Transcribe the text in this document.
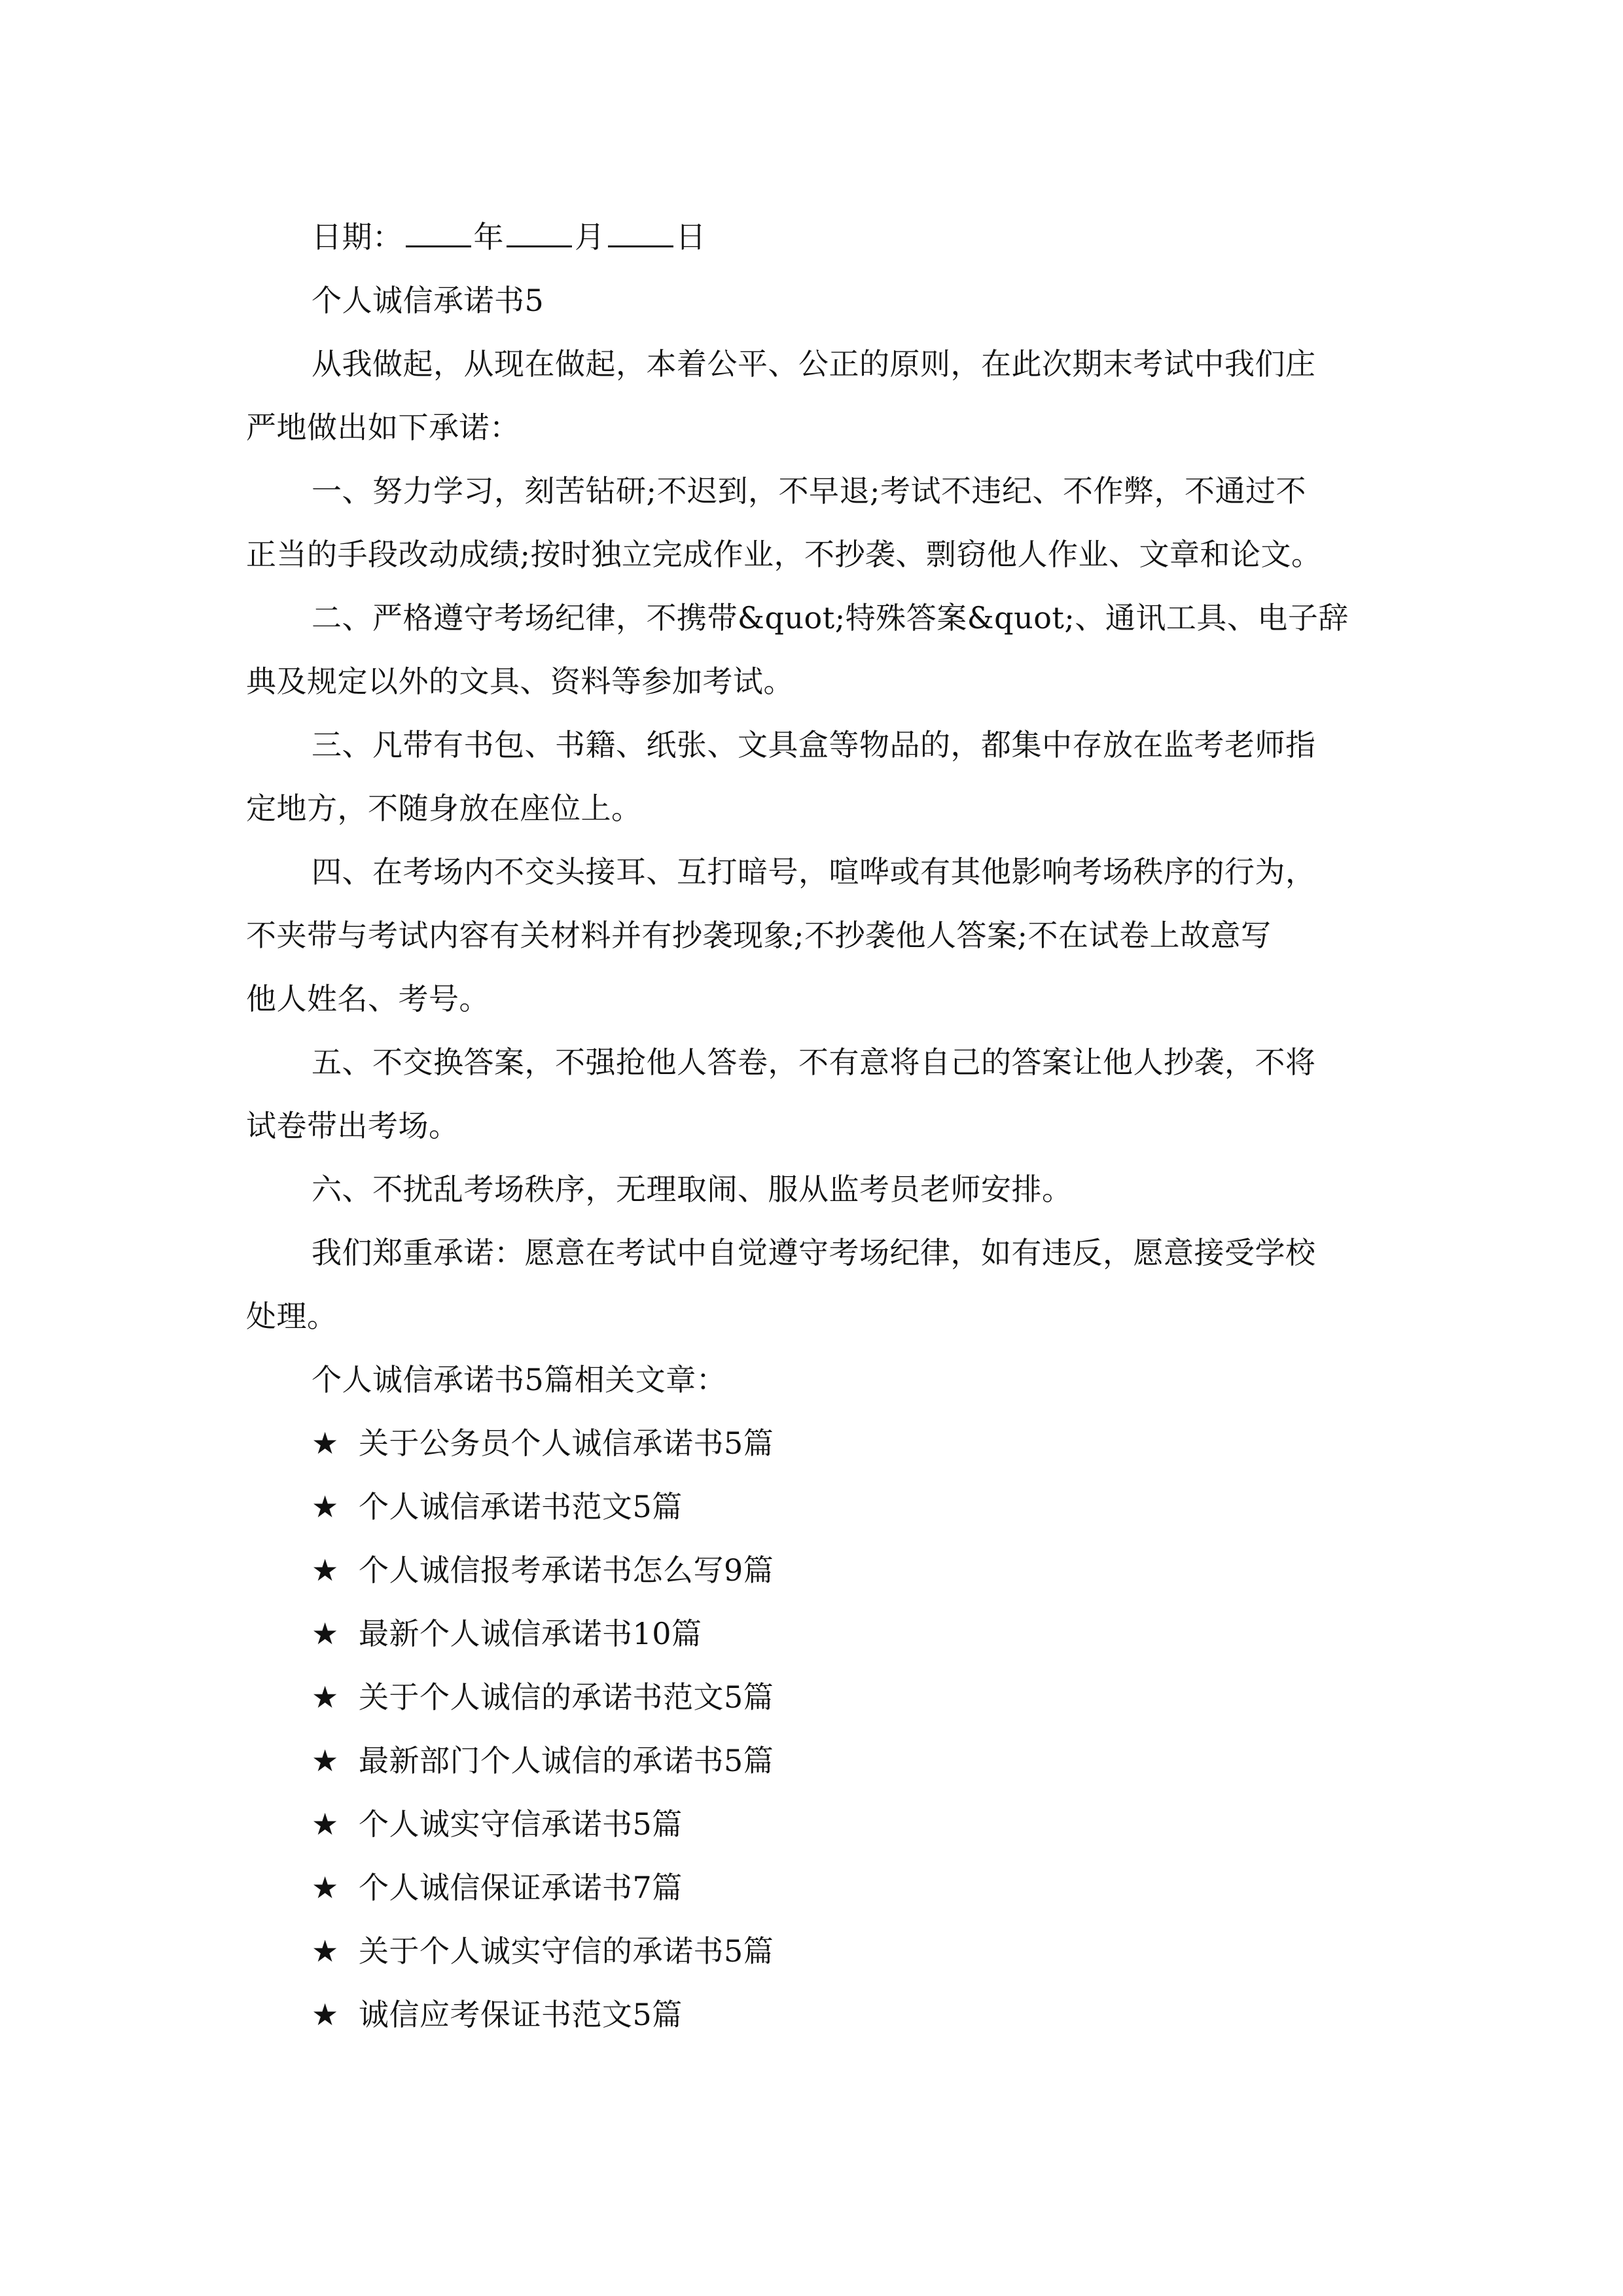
日期： 年 月 日
个人诚信承诺书5
从我做起，从现在做起，本着公平、公正的原则，在此次期末考试中我们庄
严地做出如下承诺：
一、努力学习，刻苦钻研;不迟到，不早退;考试不违纪、不作弊，不通过不
正当的手段改动成绩;按时独立完成作业，不抄袭、剽窃他人作业、文章和论文。
二、严格遵守考场纪律，不携带&quot;特殊答案&quot;、通讯工具、电子辞
典及规定以外的文具、资料等参加考试。
三、凡带有书包、书籍、纸张、文具盒等物品的，都集中存放在监考老师指
定地方，不随身放在座位上。
四、在考场内不交头接耳、互打暗号，喧哗或有其他影响考场秩序的行为，
不夹带与考试内容有关材料并有抄袭现象;不抄袭他人答案;不在试卷上故意写
他人姓名、考号。
五、不交换答案，不强抢他人答卷，不有意将自己的答案让他人抄袭，不将
试卷带出考场。
六、不扰乱考场秩序，无理取闹、服从监考员老师安排。
我们郑重承诺：愿意在考试中自觉遵守考场纪律，如有违反，愿意接受学校
处理。
个人诚信承诺书5篇相关文章：
★ 关于公务员个人诚信承诺书5篇
★ 个人诚信承诺书范文5篇
★ 个人诚信报考承诺书怎么写9篇
★ 最新个人诚信承诺书10篇
★ 关于个人诚信的承诺书范文5篇
★ 最新部门个人诚信的承诺书5篇
★ 个人诚实守信承诺书5篇
★ 个人诚信保证承诺书7篇
★ 关于个人诚实守信的承诺书5篇
★ 诚信应考保证书范文5篇
